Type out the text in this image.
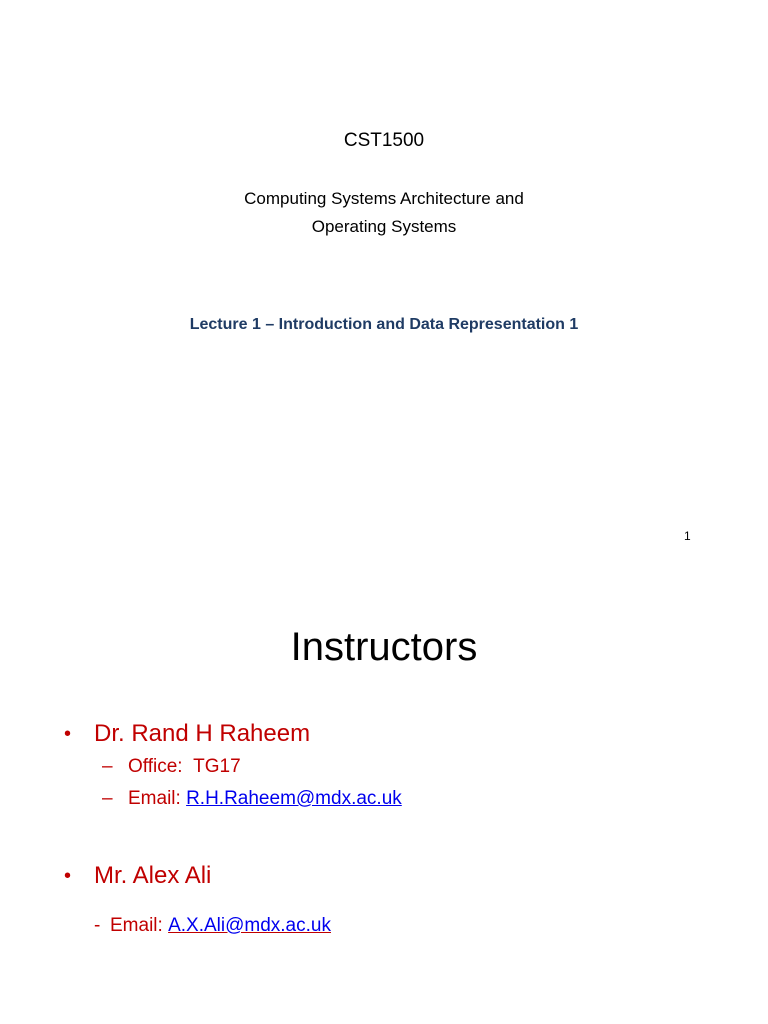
CST1500
Computing Systems Architecture and
Operating Systems
Lecture 1 – Introduction and Data Representation 1
1
Instructors
• Dr. Rand H Raheem
– Office: TG17
– Email: R.H.Raheem@mdx.ac.uk
• Mr. Alex Ali
- Email: A.X.Ali@mdx.ac.uk
